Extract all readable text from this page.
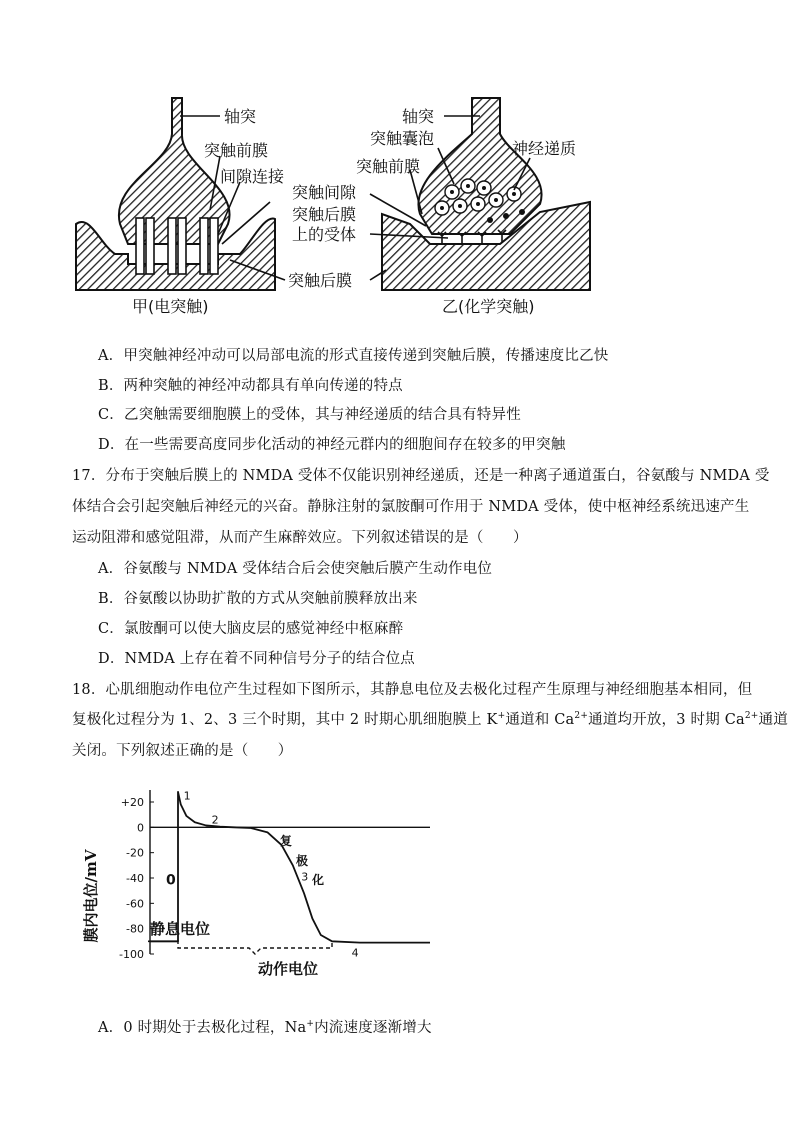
轴突
突触前膜
间隙连接
突触后膜
甲(电突触)
轴突
突触囊泡
神经递质
突触前膜
突触间隙
突触后膜
上的受体
乙(化学突触)
A．甲突触神经冲动可以局部电流的形式直接传递到突触后膜，传播速度比乙快
B．两种突触的神经冲动都具有单向传递的特点
C．乙突触需要细胞膜上的受体，其与神经递质的结合具有特异性
D．在一些需要高度同步化活动的神经元群内的细胞间存在较多的甲突触
17．分布于突触后膜上的 NMDA 受体不仅能识别神经递质，还是一种离子通道蛋白，谷氨酸与 NMDA 受
体结合会引起突触后神经元的兴奋。静脉注射的氯胺酮可作用于 NMDA 受体，使中枢神经系统迅速产生
运动阻滞和感觉阻滞，从而产生麻醉效应。下列叙述错误的是（　　）
A．谷氨酸与 NMDA 受体结合后会使突触后膜产生动作电位
B．谷氨酸以协助扩散的方式从突触前膜释放出来
C．氯胺酮可以使大脑皮层的感觉神经中枢麻醉
D．NMDA 上存在着不同种信号分子的结合位点
18．心肌细胞动作电位产生过程如下图所示，其静息电位及去极化过程产生原理与神经细胞基本相同，但
复极化过程分为 1、2、3 三个时期，其中 2 时期心肌细胞膜上 K+通道和 $Ca^{2+}$通道均开放，3 时期 $Ca^{2+}$通道
关闭。下列叙述正确的是（　　）
+20
0
-20
-40
-60
-80
-100
0
1
2
3
4
膜内电位/mV	静息电位
动作电位
复
极
化
A．0 时期处于去极化过程，Na+内流速度逐渐增大
